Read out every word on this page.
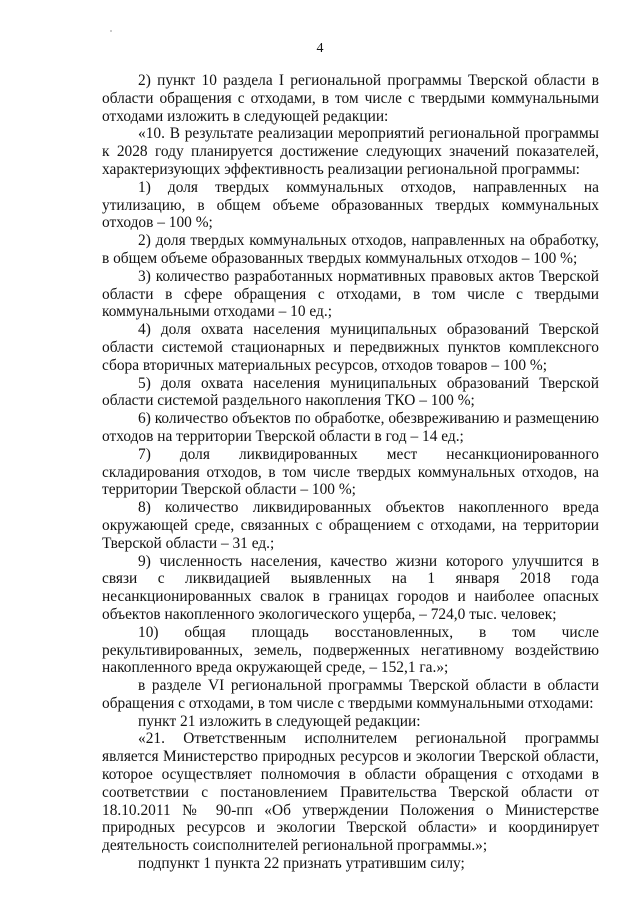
4

2) пункт 10 раздела I региональной программы Тверской области в области обращения с отходами, в том числе с твердыми коммунальными отходами изложить в следующей редакции:

«10. В результате реализации мероприятий региональной программы к 2028 году планируется достижение следующих значений показателей, характеризующих эффективность реализации региональной программы:

1) доля твердых коммунальных отходов, направленных на утилизацию, в общем объеме образованных твердых коммунальных отходов – 100 %;

2) доля твердых коммунальных отходов, направленных на обработку, в общем объеме образованных твердых коммунальных отходов – 100 %;

3) количество разработанных нормативных правовых актов Тверской области в сфере обращения с отходами, в том числе с твердыми коммунальными отходами – 10 ед.;

4) доля охвата населения муниципальных образований Тверской области системой стационарных и передвижных пунктов комплексного сбора вторичных материальных ресурсов, отходов товаров – 100 %;

5) доля охвата населения муниципальных образований Тверской области системой раздельного накопления ТКО – 100 %;

6) количество объектов по обработке, обезвреживанию и размещению отходов на территории Тверской области в год – 14 ед.;

7) доля ликвидированных мест несанкционированного складирования отходов, в том числе твердых коммунальных отходов, на территории Тверской области – 100 %;

8) количество ликвидированных объектов накопленного вреда окружающей среде, связанных с обращением с отходами, на территории Тверской области – 31 ед.;

9) численность населения, качество жизни которого улучшится в связи с ликвидацией выявленных на 1 января 2018 года несанкционированных свалок в границах городов и наиболее опасных объектов накопленного экологического ущерба, – 724,0 тыс. человек;

10) общая площадь восстановленных, в том числе рекультивированных, земель, подверженных негативному воздействию накопленного вреда окружающей среде, – 152,1 га.»;

в разделе VI региональной программы Тверской области в области обращения с отходами, в том числе с твердыми коммунальными отходами:

пункт 21 изложить в следующей редакции:

«21. Ответственным исполнителем региональной программы является Министерство природных ресурсов и экологии Тверской области, которое осуществляет полномочия в области обращения с отходами в соответствии с постановлением Правительства Тверской области от 18.10.2011 № 90-пп «Об утверждении Положения о Министерстве природных ресурсов и экологии Тверской области» и координирует деятельность соисполнителей региональной программы.»;

подпункт 1 пункта 22 признать утратившим силу;
